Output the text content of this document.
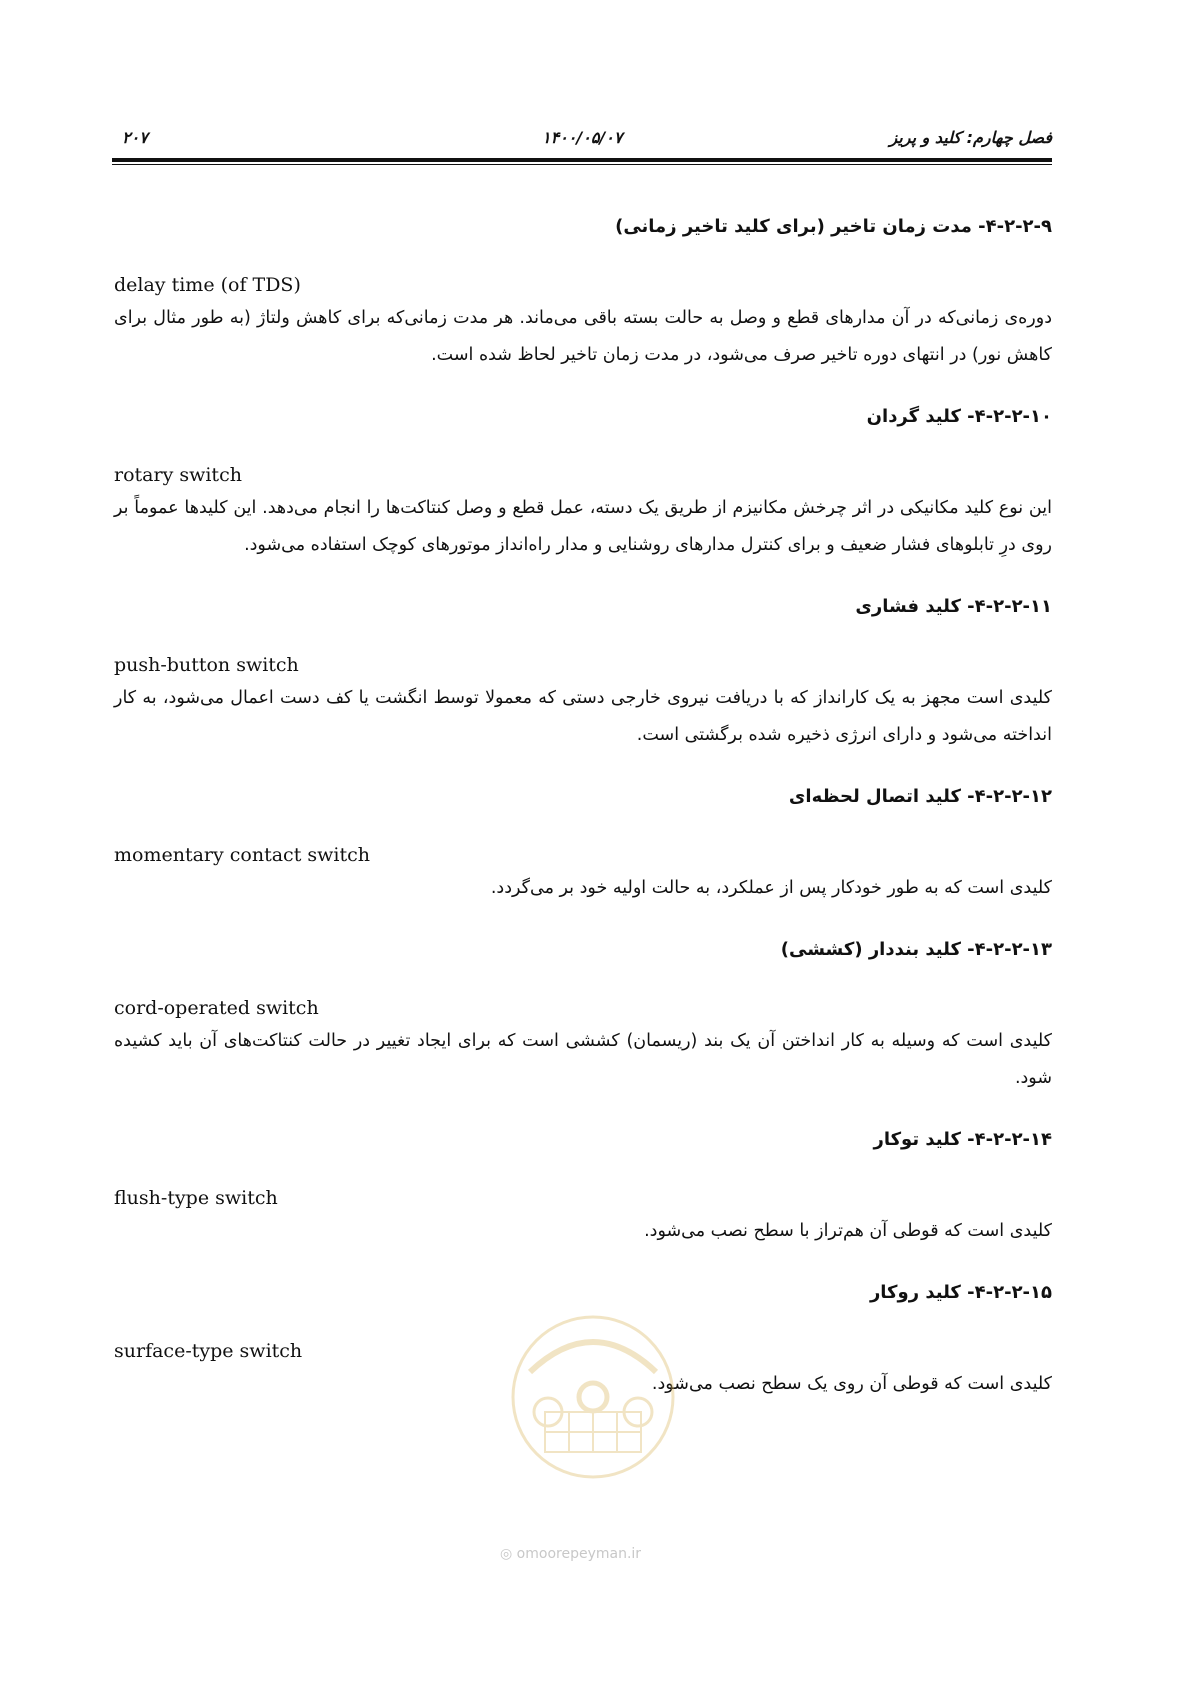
فصل چهارم: کلید و پریز
۱۴۰۰/۰۵/۰۷
۲۰۷

۴-۲-۲-۹- مدت زمان تاخیر (برای کلید تاخیر زمانی)

delay time (of TDS)

دوره‌ی زمانی‌که در آن مدارهای قطع و وصل به حالت بسته باقی می‌ماند. هر مدت زمانی‌که برای کاهش ولتاژ (به طور مثال برای کاهش نور) در انتهای دوره تاخیر صرف می‌شود، در مدت زمان تاخیر لحاظ شده است.

۴-۲-۲-۱۰- کلید گردان

rotary switch

این نوع کلید مکانیکی در اثر چرخش مکانیزم از طریق یک دسته، عمل قطع و وصل کنتاکت‌ها را انجام می‌دهد. این کلیدها عموماً بر روی درِ تابلوهای فشار ضعیف و برای کنترل مدارهای روشنایی و مدار راه‌انداز موتورهای کوچک استفاده می‌شود.

۴-۲-۲-۱۱- کلید فشاری

push-button switch

کلیدی است مجهز به یک کارانداز که با دریافت نیروی خارجی دستی که معمولا توسط انگشت یا کف دست اعمال می‌شود، به کار انداخته می‌شود و دارای انرژی ذخیره شده برگشتی است.

۴-۲-۲-۱۲- کلید اتصال لحظه‌ای

momentary contact switch

کلیدی است که به طور خودکار پس از عملکرد، به حالت اولیه خود بر می‌گردد.

۴-۲-۲-۱۳- کلید بنددار (کششی)

cord-operated switch

کلیدی است که وسیله به کار انداختن آن یک بند (ریسمان) کششی است که برای ایجاد تغییر در حالت کنتاکت‌های آن باید کشیده شود.

۴-۲-۲-۱۴- کلید توکار

flush-type switch

کلیدی است که قوطی آن هم‌تراز با سطح نصب می‌شود.

۴-۲-۲-۱۵- کلید روکار

surface-type switch

کلیدی است که قوطی آن روی یک سطح نصب می‌شود.

◎ omoorepeyman.ir
